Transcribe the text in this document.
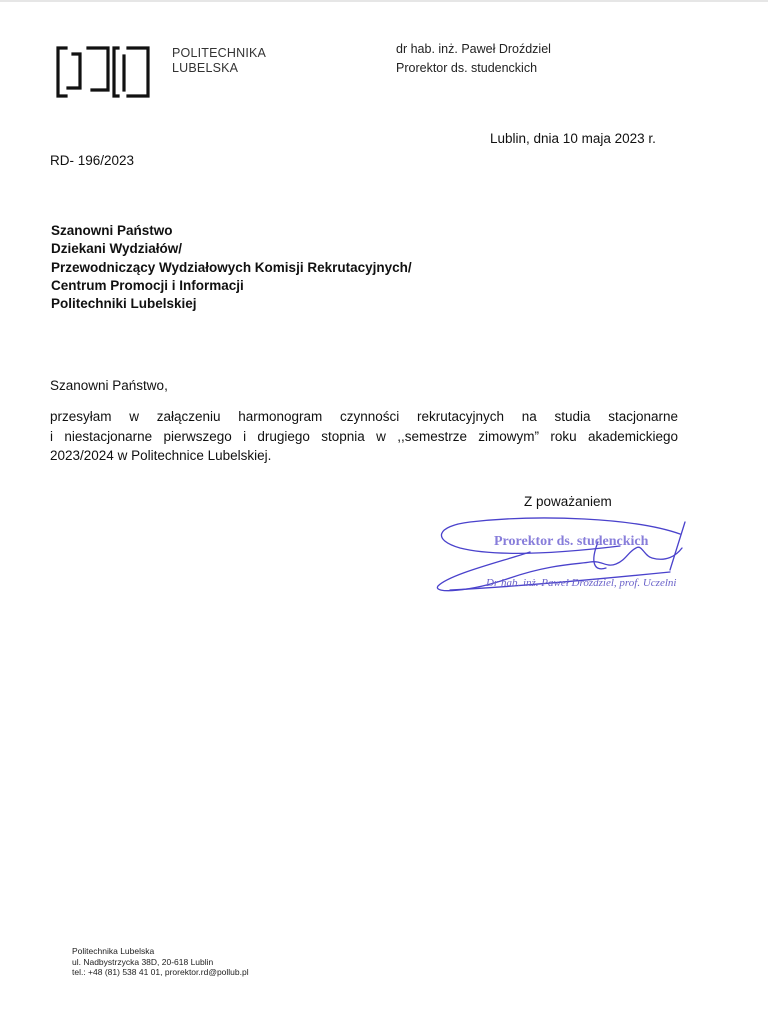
POLITECHNIKA
LUBELSKA
dr hab. inż. Paweł Droździel
Prorektor ds. studenckich
Lublin, dnia 10 maja 2023 r.
RD- 196/2023
Szanowni Państwo
Dziekani Wydziałów/
Przewodniczący Wydziałowych Komisji Rekrutacyjnych/
Centrum Promocji i Informacji
Politechniki Lubelskiej
Szanowni Państwo,
przesyłam w załączeniu harmonogram czynności rekrutacyjnych na studia stacjonarne
i niestacjonarne pierwszego i drugiego stopnia w ,,semestrze zimowym” roku akademickiego
2023/2024 w Politechnice Lubelskiej.
Z poważaniem
Prorektor ds. studenckich
Dr hab. inż. Paweł Droździel, prof. Uczelni
Politechnika Lubelska
ul. Nadbystrzycka 38D, 20-618 Lublin
tel.: +48 (81) 538 41 01, prorektor.rd@pollub.pl
